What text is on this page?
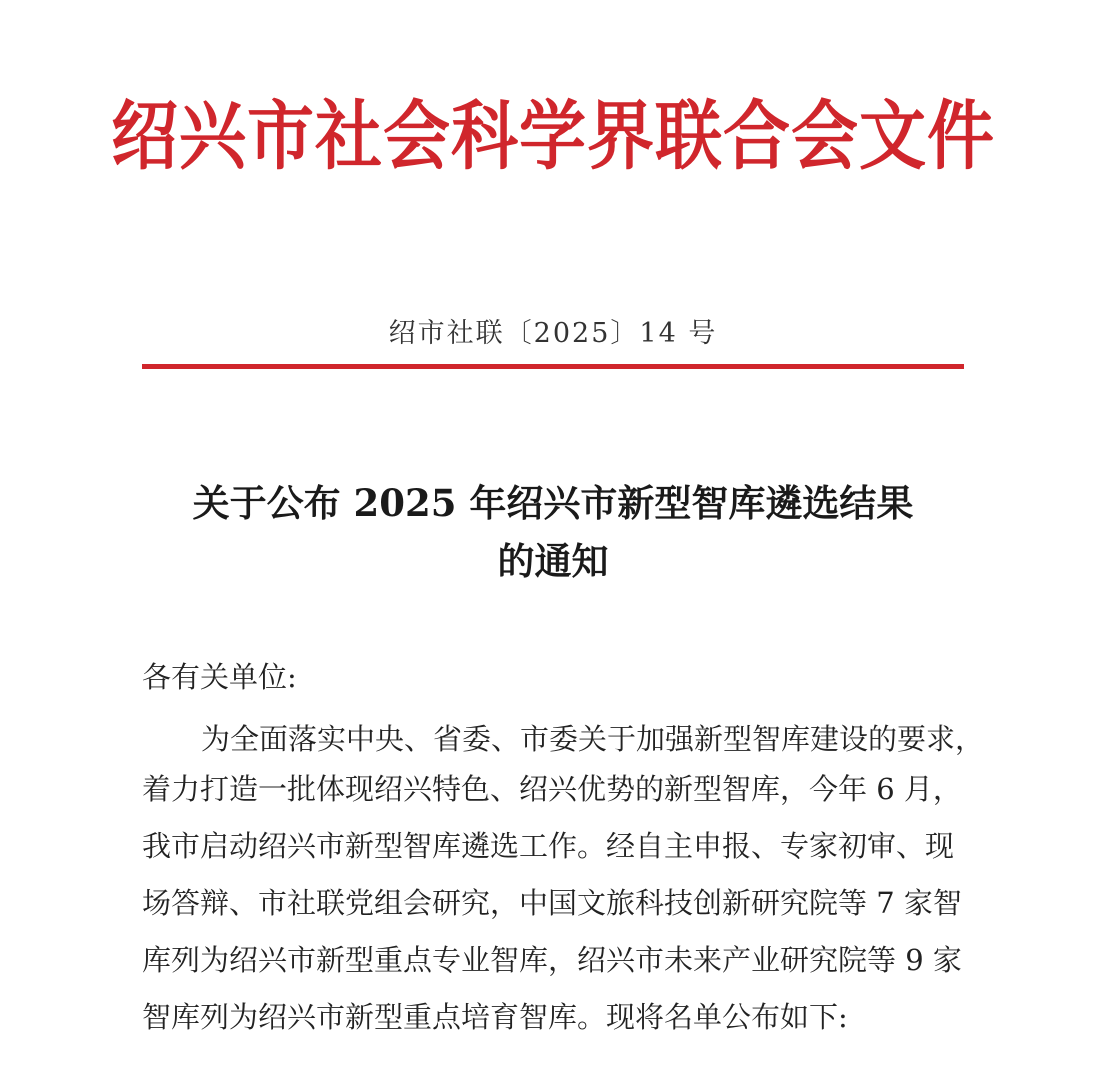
绍兴市社会科学界联合会文件
绍市社联〔2025〕14 号
关于公布 2025 年绍兴市新型智库遴选结果
的通知
各有关单位:
为全面落实中央、省委、市委关于加强新型智库建设的要求，
着力打造一批体现绍兴特色、绍兴优势的新型智库，今年 6 月，
我市启动绍兴市新型智库遴选工作。经自主申报、专家初审、现
场答辩、市社联党组会研究，中国文旅科技创新研究院等 7 家智
库列为绍兴市新型重点专业智库，绍兴市未来产业研究院等 9 家
智库列为绍兴市新型重点培育智库。现将名单公布如下:
